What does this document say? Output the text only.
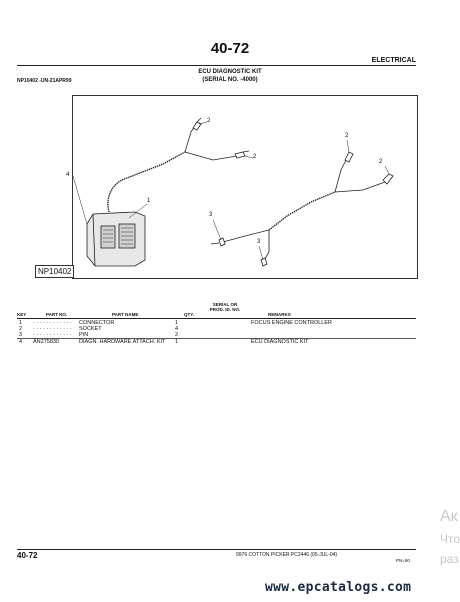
40-72
ELECTRICAL
ECU DIAGNOSTIC KIT
(SERIAL NO. -4000)
NP10402 -UN-21APR99
1
2
2
2
2
3
3
4
NP10402
KEY	PART NO.	PART NAME	QTY.
SERIAL OR
PROD. ID. NO.
REMARKS
1 · · · · · · · · · · · · CONNECTOR	1	FOCUS ENGINE CONTROLLER
2 · · · · · · · · · · · · SOCKET	4
3 · · · · · · · · · · · · PIN	2
4 AN275830	DIAGN. HARDWARE ATTACH. KIT 1	ECU DIAGNOSTIC KIT
Ак
Что
раз
40-72	9976 COTTON PICKER PC2446 (05-JUL-04)
PN=90
www.epcatalogs.com
